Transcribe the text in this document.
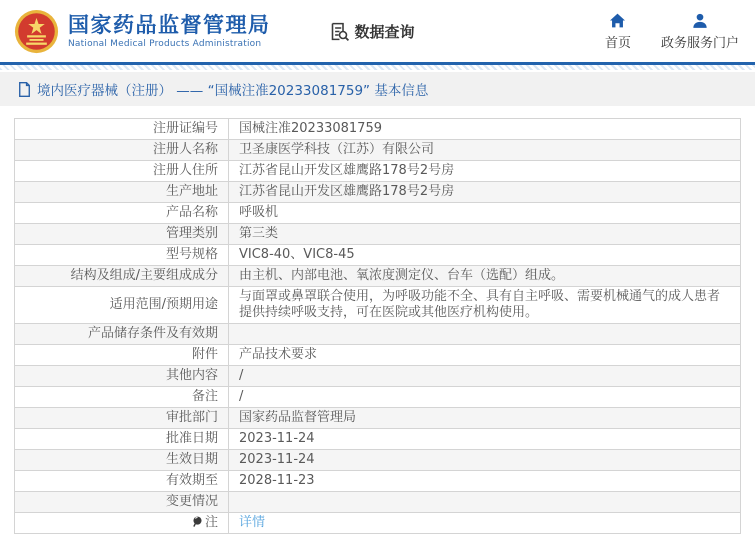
国家药品监督管理局
National Medical Products Administration
数据查询
首页 政务服务门户
境内医疗器械（注册） —— “国械注准20233081759” 基本信息
注册证编号	国械注准20233081759
注册人名称	卫圣康医学科技（江苏）有限公司
注册人住所	江苏省昆山开发区雄鹰路178号2号房
生产地址	江苏省昆山开发区雄鹰路178号2号房
产品名称	呼吸机
管理类别	第三类
型号规格	VIC8-40、VIC8-45
结构及组成/主要组成成分	由主机、内部电池、氧浓度测定仪、台车（选配）组成。
适用范围/预期用途	与面罩或鼻罩联合使用，为呼吸功能不全、具有自主呼吸、需要机械通气的成人患者提供持续呼吸支持，可在医院或其他医疗机构使用。
产品储存条件及有效期	
附件	产品技术要求
其他内容	/
备注	/
审批部门	国家药品监督管理局
批准日期	2023-11-24
生效日期	2023-11-24
有效期至	2028-11-23
变更情况	
注	详情
